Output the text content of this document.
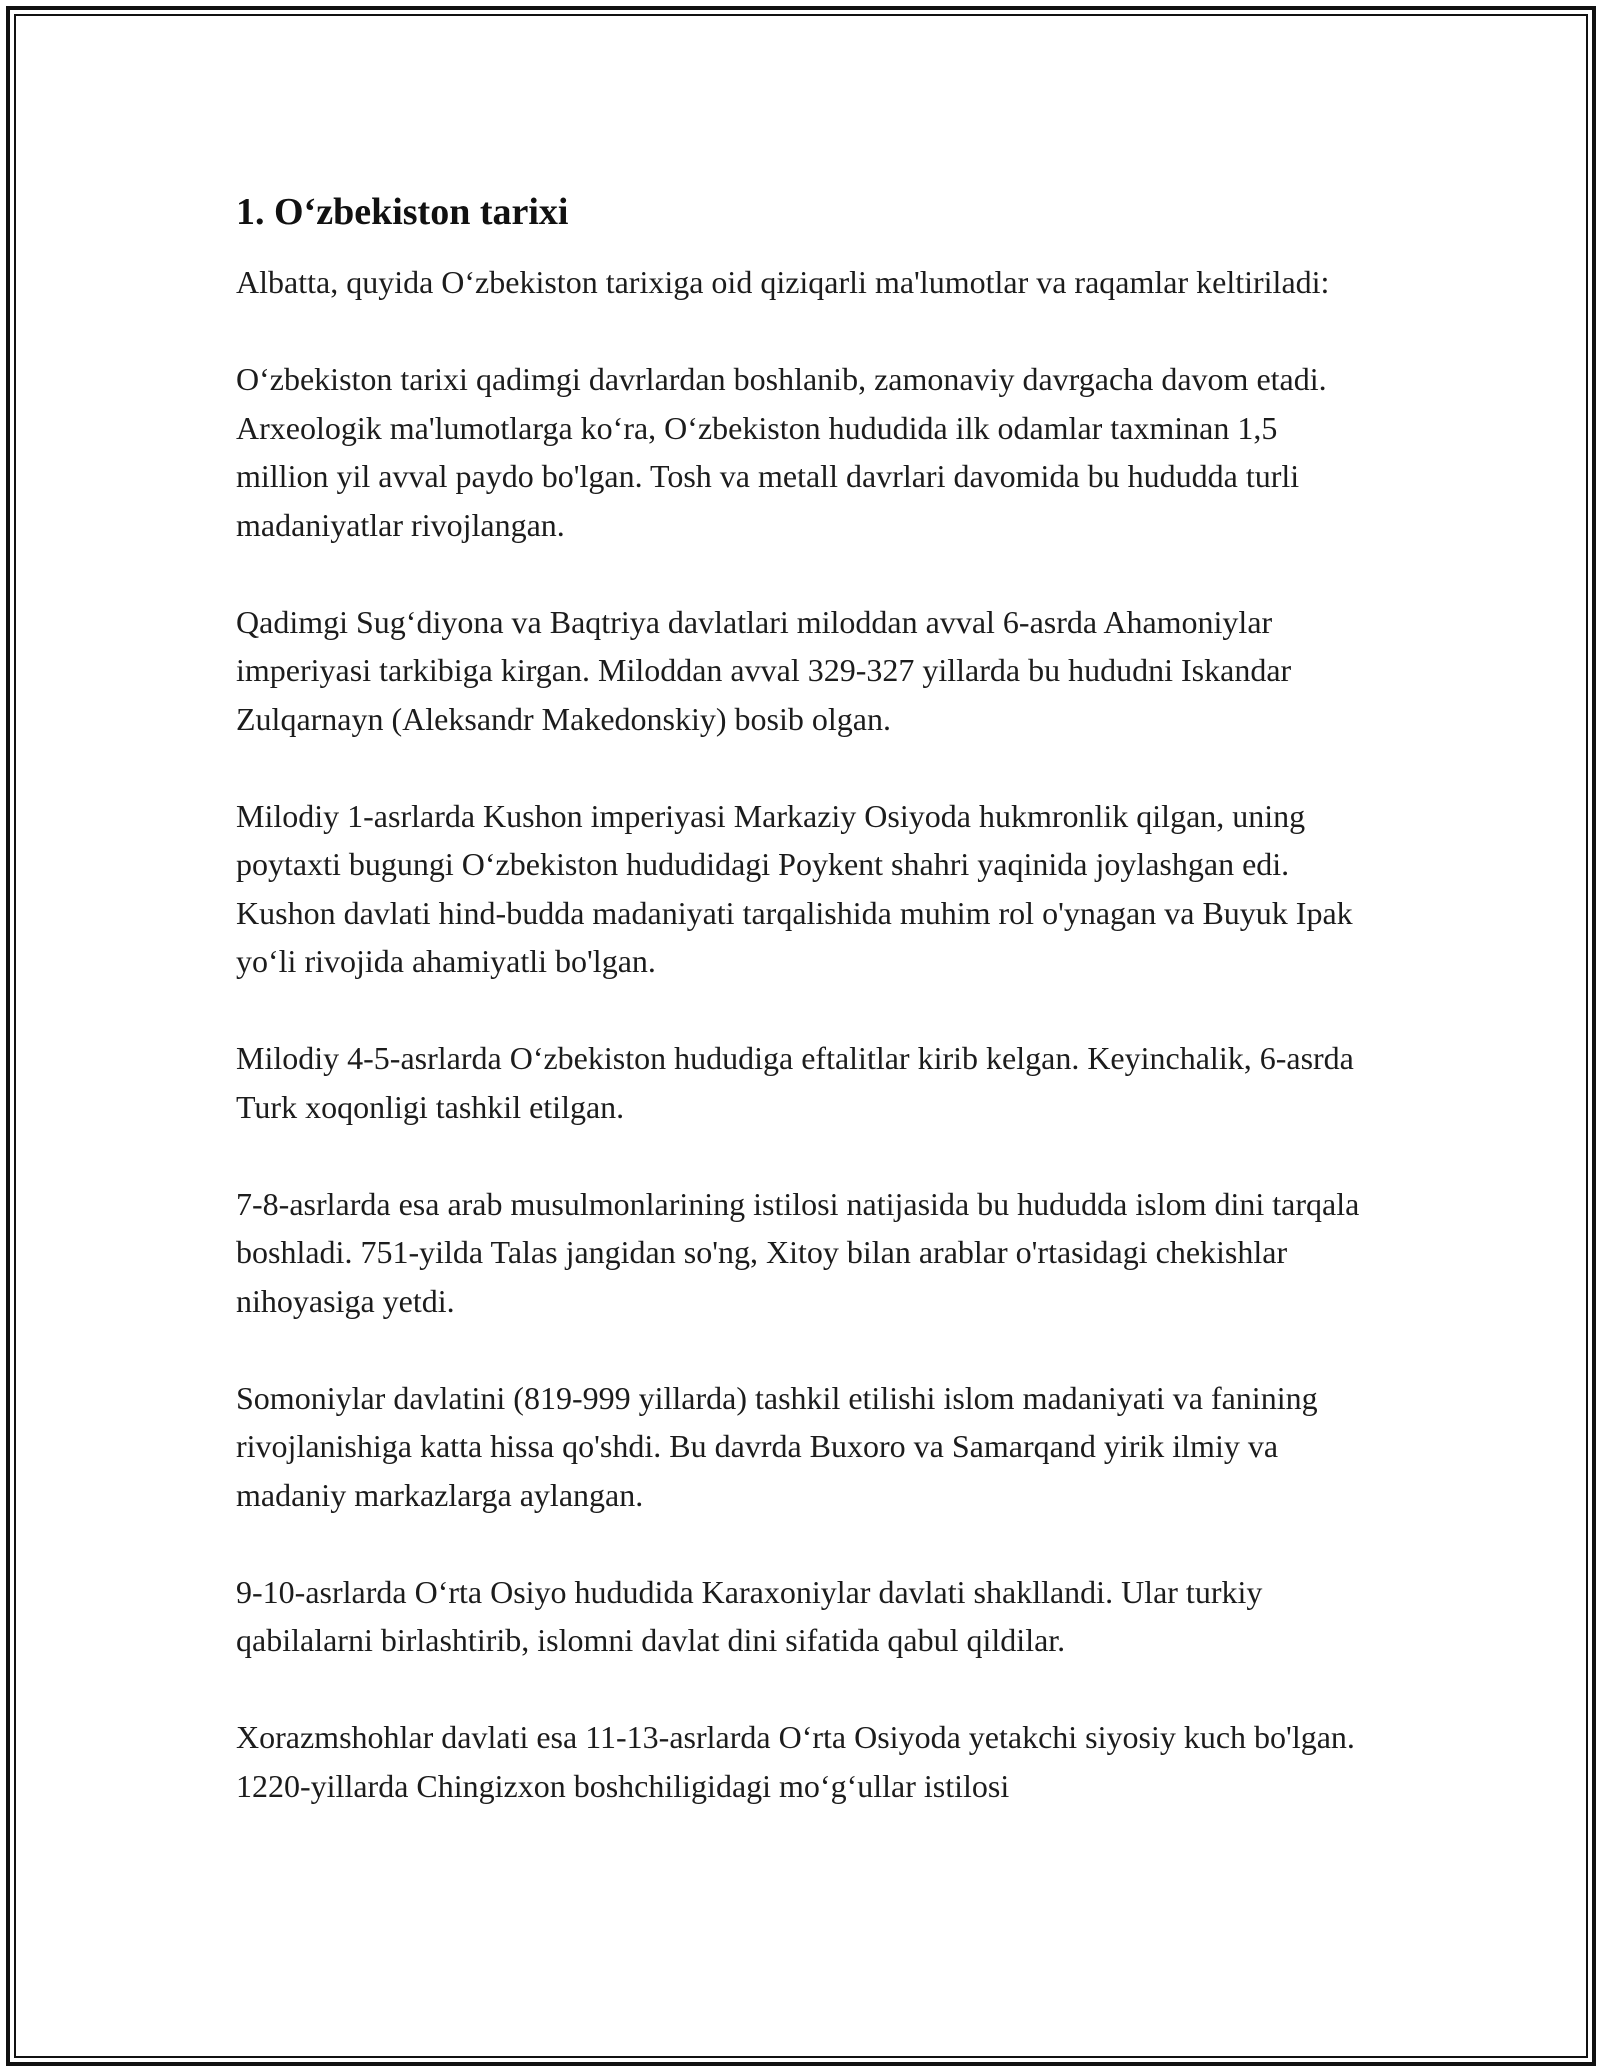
1. O‘zbekiston tarixi

Albatta, quyida O‘zbekiston tarixiga oid qiziqarli ma'lumotlar va raqamlar keltiriladi:

O‘zbekiston tarixi qadimgi davrlardan boshlanib, zamonaviy davrgacha davom etadi. Arxeologik ma'lumotlarga ko‘ra, O‘zbekiston hududida ilk odamlar taxminan 1,5 million yil avval paydo bo'lgan. Tosh va metall davrlari davomida bu hududda turli madaniyatlar rivojlangan.

Qadimgi Sug‘diyona va Baqtriya davlatlari miloddan avval 6-asrda Ahamoniylar imperiyasi tarkibiga kirgan. Miloddan avval 329-327 yillarda bu hududni Iskandar Zulqarnayn (Aleksandr Makedonskiy) bosib olgan.

Milodiy 1-asrlarda Kushon imperiyasi Markaziy Osiyoda hukmronlik qilgan, uning poytaxti bugungi O‘zbekiston hududidagi Poykent shahri yaqinida joylashgan edi. Kushon davlati hind-budda madaniyati tarqalishida muhim rol o'ynagan va Buyuk Ipak yo‘li rivojida ahamiyatli bo'lgan.

Milodiy 4-5-asrlarda O‘zbekiston hududiga eftalitlar kirib kelgan. Keyinchalik, 6-asrda Turk xoqonligi tashkil etilgan.

7-8-asrlarda esa arab musulmonlarining istilosi natijasida bu hududda islom dini tarqala boshladi. 751-yilda Talas jangidan so'ng, Xitoy bilan arablar o'rtasidagi chekishlar nihoyasiga yetdi.

Somoniylar davlatini (819-999 yillarda) tashkil etilishi islom madaniyati va fanining rivojlanishiga katta hissa qo'shdi. Bu davrda Buxoro va Samarqand yirik ilmiy va madaniy markazlarga aylangan.

9-10-asrlarda O‘rta Osiyo hududida Karaxoniylar davlati shakllandi. Ular turkiy qabilalarni birlashtirib, islomni davlat dini sifatida qabul qildilar.

Xorazmshohlar davlati esa 11-13-asrlarda O‘rta Osiyoda yetakchi siyosiy kuch bo'lgan. 1220-yillarda Chingizxon boshchiligidagi mo‘g‘ullar istilosi
